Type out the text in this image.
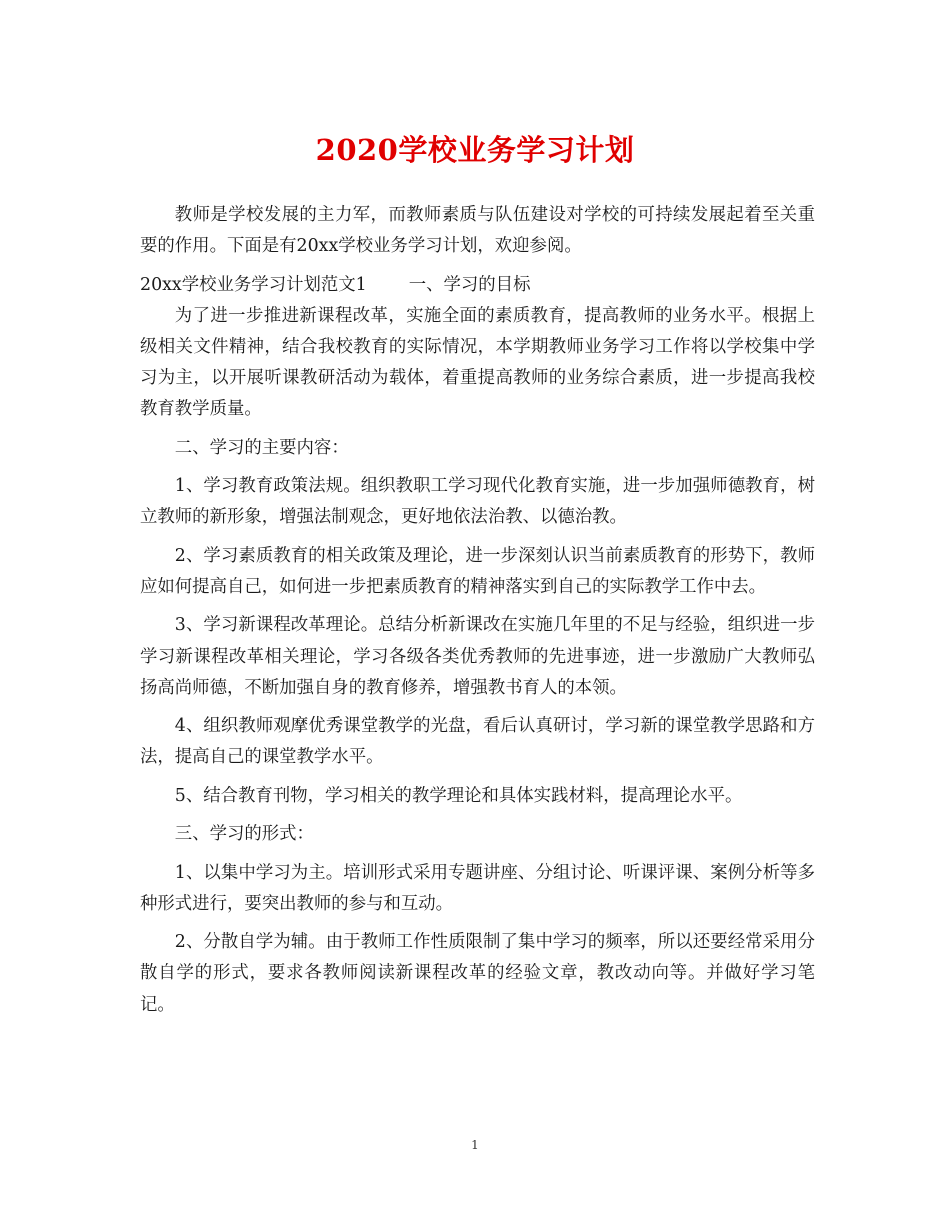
2020学校业务学习计划

教师是学校发展的主力军，而教师素质与队伍建设对学校的可持续发展起着至关重要的作用。下面是有20xx学校业务学习计划，欢迎参阅。

20xx学校业务学习计划范文1 一、学习的目标

为了进一步推进新课程改革，实施全面的素质教育，提高教师的业务水平。根据上级相关文件精神，结合我校教育的实际情况，本学期教师业务学习工作将以学校集中学习为主，以开展听课教研活动为载体，着重提高教师的业务综合素质，进一步提高我校教育教学质量。

二、学习的主要内容：

1、学习教育政策法规。组织教职工学习现代化教育实施，进一步加强师德教育，树立教师的新形象，增强法制观念，更好地依法治教、以德治教。

2、学习素质教育的相关政策及理论，进一步深刻认识当前素质教育的形势下，教师应如何提高自己，如何进一步把素质教育的精神落实到自己的实际教学工作中去。

3、学习新课程改革理论。总结分析新课改在实施几年里的不足与经验，组织进一步学习新课程改革相关理论，学习各级各类优秀教师的先进事迹，进一步激励广大教师弘扬高尚师德，不断加强自身的教育修养，增强教书育人的本领。

4、组织教师观摩优秀课堂教学的光盘，看后认真研讨，学习新的课堂教学思路和方法，提高自己的课堂教学水平。

5、结合教育刊物，学习相关的教学理论和具体实践材料，提高理论水平。

三、学习的形式：

1、以集中学习为主。培训形式采用专题讲座、分组讨论、听课评课、案例分析等多种形式进行，要突出教师的参与和互动。

2、分散自学为辅。由于教师工作性质限制了集中学习的频率，所以还要经常采用分散自学的形式，要求各教师阅读新课程改革的经验文章，教改动向等。并做好学习笔记。

1
